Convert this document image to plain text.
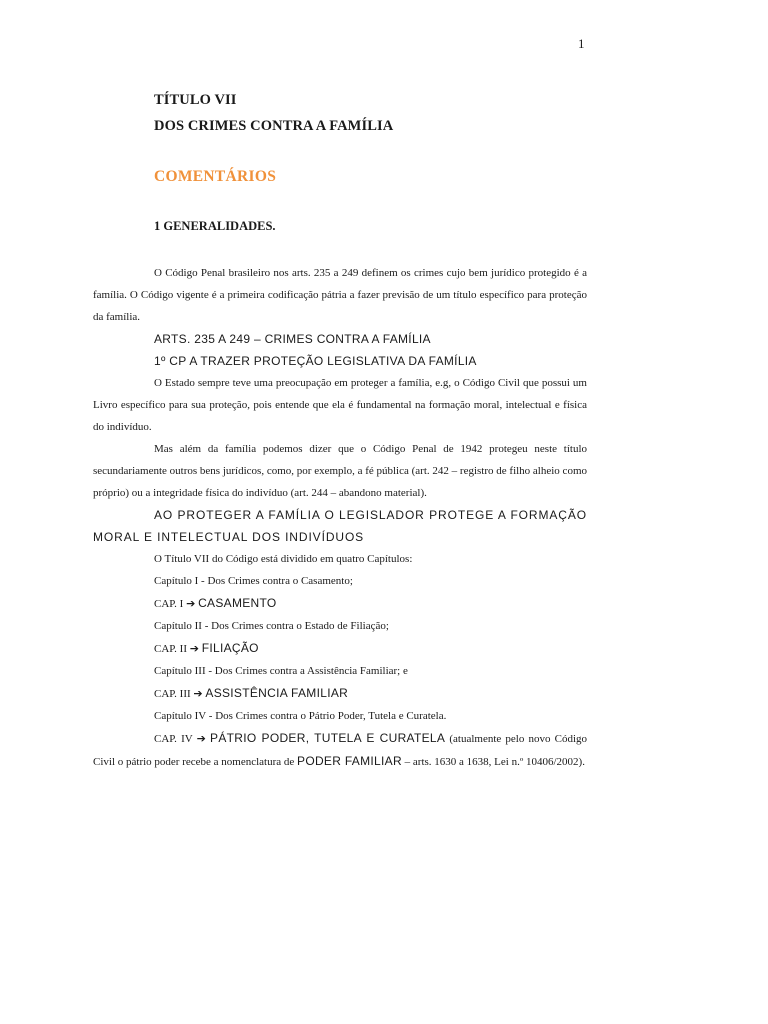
1
TÍTULO VII
DOS CRIMES CONTRA A FAMÍLIA
COMENTÁRIOS
1 GENERALIDADES.

O Código Penal brasileiro nos arts. 235 a 249 definem os crimes cujo bem jurídico protegido é a família. O Código vigente é a primeira codificação pátria a fazer previsão de um título específico para proteção da família.

ARTS. 235 A 249 – CRIMES CONTRA A FAMÍLIA

1º CP A TRAZER PROTEÇÃO LEGISLATIVA DA FAMÍLIA

O Estado sempre teve uma preocupação em proteger a família, e.g, o Código Civil que possui um Livro específico para sua proteção, pois entende que ela é fundamental na formação moral, intelectual e física do indivíduo.

Mas além da família podemos dizer que o Código Penal de 1942 protegeu neste título secundariamente outros bens jurídicos, como, por exemplo, a fé pública (art. 242 – registro de filho alheio como próprio) ou a integridade física do indivíduo (art. 244 – abandono material).

AO PROTEGER A FAMÍLIA O LEGISLADOR PROTEGE A FORMAÇÃO MORAL E INTELECTUAL DOS INDIVÍDUOS

O Título VII do Código está dividido em quatro Capítulos:

Capítulo I - Dos Crimes contra o Casamento;

CAP. I ➔ CASAMENTO

Capítulo II - Dos Crimes contra o Estado de Filiação;

CAP. II ➔ FILIAÇÃO

Capítulo III - Dos Crimes contra a Assistência Familiar; e

CAP. III ➔ ASSISTÊNCIA FAMILIAR

Capítulo IV - Dos Crimes contra o Pátrio Poder, Tutela e Curatela.

CAP. IV ➔ PÁTRIO PODER, TUTELA E CURATELA (atualmente pelo novo Código Civil o pátrio poder recebe a nomenclatura de PODER FAMILIAR – arts. 1630 a 1638, Lei n.º 10406/2002).
